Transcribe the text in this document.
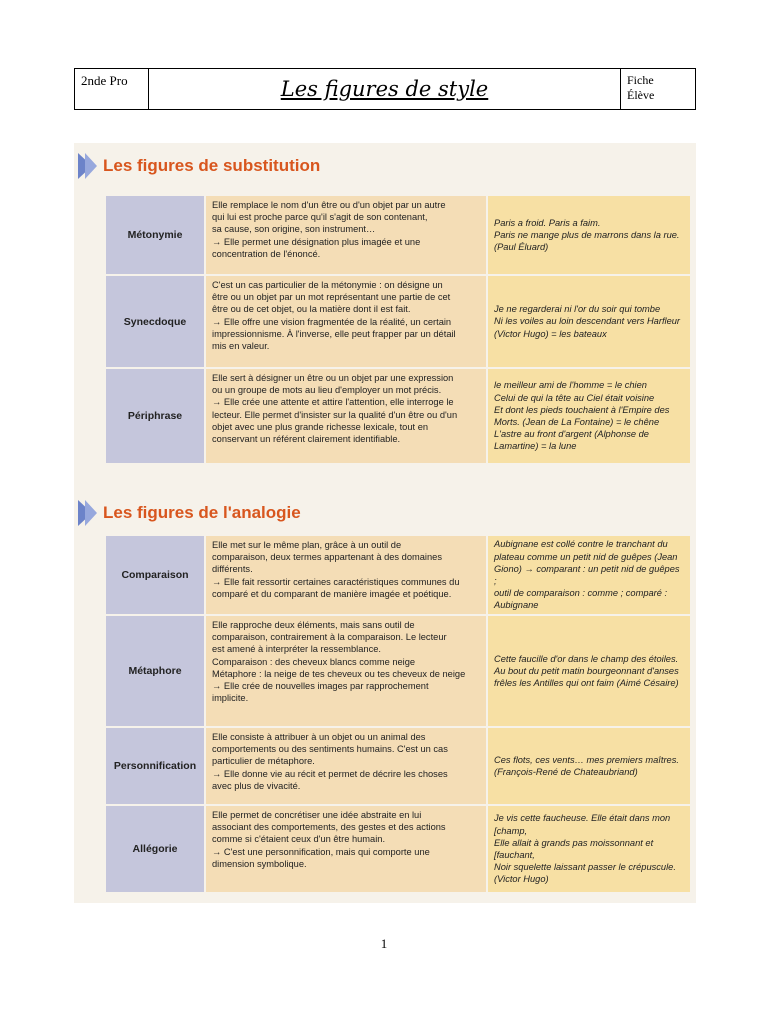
2nde Pro	Les figures de style	Fiche
Élève
Les figures de substitution
Métonymie
Elle remplace le nom d'un être ou d'un objet par un autre
qui lui est proche parce qu'il s'agit de son contenant,
sa cause, son origine, son instrument…
→ Elle permet une désignation plus imagée et une
concentration de l'énoncé.
Paris a froid. Paris a faim.
Paris ne mange plus de marrons dans la rue.
(Paul Éluard)
Synecdoque
C'est un cas particulier de la métonymie : on désigne un
être ou un objet par un mot représentant une partie de cet
être ou de cet objet, ou la matière dont il est fait.
→ Elle offre une vision fragmentée de la réalité, un certain
impressionnisme. À l'inverse, elle peut frapper par un détail
mis en valeur.
Je ne regarderai ni l'or du soir qui tombe
Ni les voiles au loin descendant vers Harfleur
(Victor Hugo) = les bateaux
Périphrase
Elle sert à désigner un être ou un objet par une expression
ou un groupe de mots au lieu d'employer un mot précis.
→ Elle crée une attente et attire l'attention, elle interroge le
lecteur. Elle permet d'insister sur la qualité d'un être ou d'un
objet avec une plus grande richesse lexicale, tout en
conservant un référent clairement identifiable.
le meilleur ami de l'homme = le chien
Celui de qui la tête au Ciel était voisine
Et dont les pieds touchaient à l'Empire des
Morts. (Jean de La Fontaine) = le chêne
L'astre au front d'argent (Alphonse de
Lamartine) = la lune
Les figures de l'analogie
Comparaison
Elle met sur le même plan, grâce à un outil de
comparaison, deux termes appartenant à des domaines
différents.
→ Elle fait ressortir certaines caractéristiques communes du
comparé et du comparant de manière imagée et poétique.
Aubignane est collé contre le tranchant du
plateau comme un petit nid de guêpes (Jean
Giono) → comparant : un petit nid de guêpes ;
outil de comparaison : comme ; comparé :
Aubignane
Métaphore
Elle rapproche deux éléments, mais sans outil de
comparaison, contrairement à la comparaison. Le lecteur
est amené à interpréter la ressemblance.
Comparaison : des cheveux blancs comme neige
Métaphore : la neige de tes cheveux ou tes cheveux de neige
→ Elle crée de nouvelles images par rapprochement
implicite.
Cette faucille d'or dans le champ des étoiles.
Au bout du petit matin bourgeonnant d'anses
frêles les Antilles qui ont faim (Aimé Césaire)
Personnification
Elle consiste à attribuer à un objet ou un animal des
comportements ou des sentiments humains. C'est un cas
particulier de métaphore.
→ Elle donne vie au récit et permet de décrire les choses
avec plus de vivacité.
Ces flots, ces vents… mes premiers maîtres.
(François-René de Chateaubriand)
Allégorie
Elle permet de concrétiser une idée abstraite en lui
associant des comportements, des gestes et des actions
comme si c'étaient ceux d'un être humain.
→ C'est une personnification, mais qui comporte une
dimension symbolique.
Je vis cette faucheuse. Elle était dans mon
[champ,
Elle allait à grands pas moissonnant et
[fauchant,
Noir squelette laissant passer le crépuscule.
(Victor Hugo)
1
